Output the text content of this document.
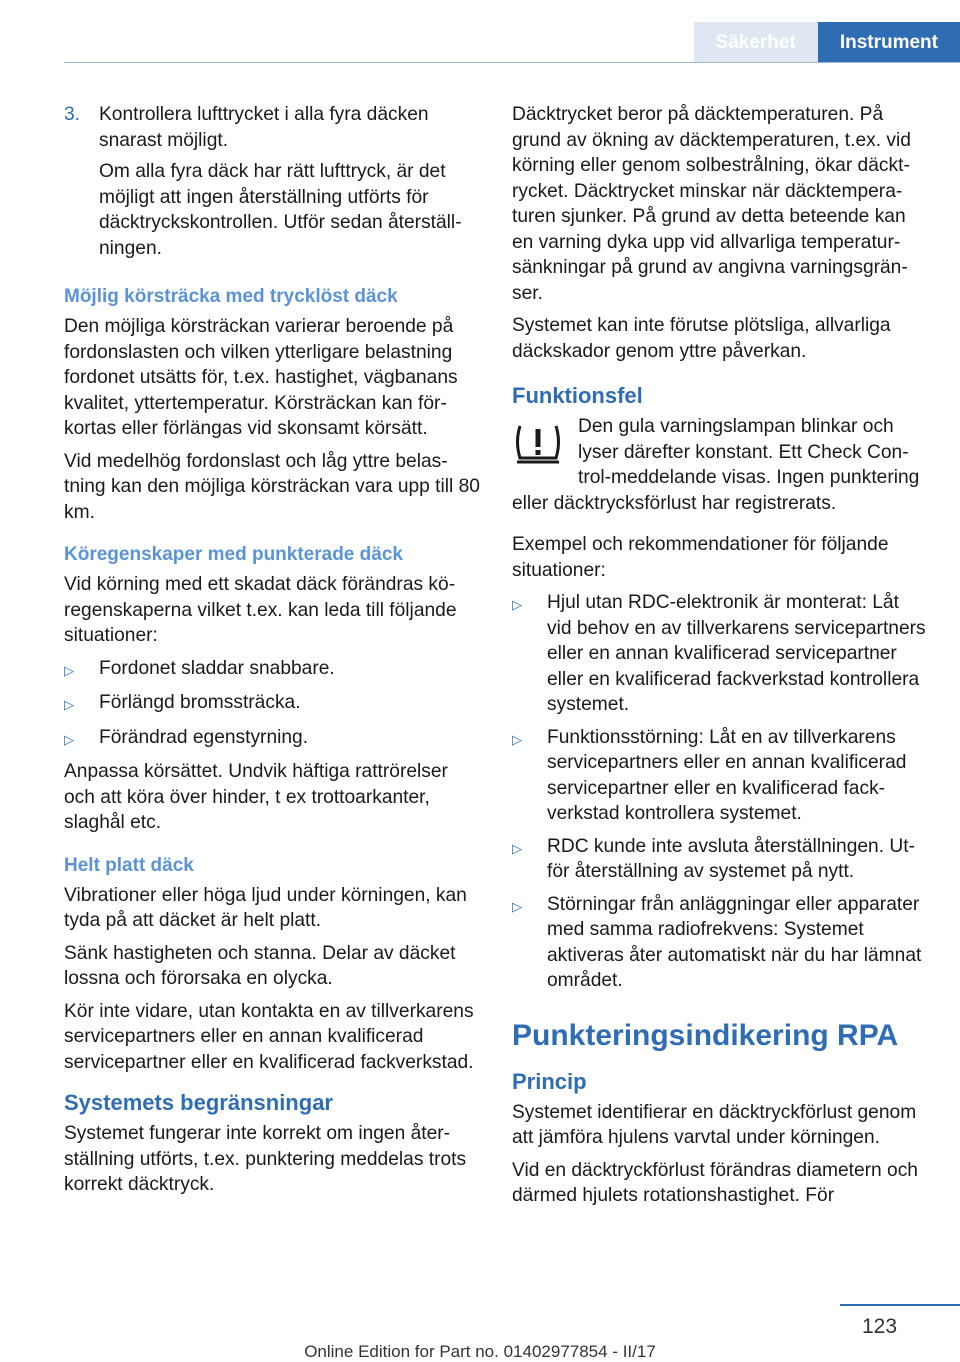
Säkerhet	Instrument
3. Kontrollera lufttrycket i alla fyra däcken snarast möjligt.

Om alla fyra däck har rätt lufttryck, är det möjligt att ingen återställning utförts för däcktryckskontrollen. Utför sedan återställningen.

Möjlig körsträcka med trycklöst däck

Den möjliga körsträckan varierar beroende på fordonslasten och vilken ytterligare belastning fordonet utsätts för, t.ex. hastighet, vägbanans kvalitet, yttertemperatur. Körsträckan kan förkortas eller förlängas vid skonsamt körsätt.

Vid medelhög fordonslast och låg yttre belastning kan den möjliga körsträckan vara upp till 80 km.

Köregenskaper med punkterade däck

Vid körning med ett skadat däck förändras köregenskaperna vilket t.ex. kan leda till följande situationer:

▷	Fordonet sladdar snabbare.
▷	Förlängd bromssträcka.
▷	Förändrad egenstyrning.

Anpassa körsättet. Undvik häftiga rattrörelser och att köra över hinder, t ex trottoarkanter, slaghål etc.

Helt platt däck

Vibrationer eller höga ljud under körningen, kan tyda på att däcket är helt platt.

Sänk hastigheten och stanna. Delar av däcket lossna och förorsaka en olycka.

Kör inte vidare, utan kontakta en av tillverkarens servicepartners eller en annan kvalificerad servicepartner eller en kvalificerad fackverkstad.

Systemets begränsningar

Systemet fungerar inte korrekt om ingen återställning utförts, t.ex. punktering meddelas trots korrekt däcktryck.

Däcktrycket beror på däcktemperaturen. På grund av ökning av däcktemperaturen, t.ex. vid körning eller genom solbestrålning, ökar däcktrycket. Däcktrycket minskar när däcktemperaturen sjunker. På grund av detta beteende kan en varning dyka upp vid allvarliga temperatursänkningar på grund av angivna varningsgränser.

Systemet kan inte förutse plötsliga, allvarliga däckskador genom yttre påverkan.

Funktionsfel

Den gula varningslampan blinkar och lyser därefter konstant. Ett Check Control-meddelande visas. Ingen punktering eller däcktrycksförlust har registrerats.

Exempel och rekommendationer för följande situationer:

▷	Hjul utan RDC-elektronik är monterat: Låt vid behov en av tillverkarens servicepartners eller en annan kvalificerad servicepartner eller en kvalificerad fackverkstad kontrollera systemet.
▷	Funktionsstörning: Låt en av tillverkarens servicepartners eller en annan kvalificerad servicepartner eller en kvalificerad fackverkstad kontrollera systemet.
▷	RDC kunde inte avsluta återställningen. Utför återställning av systemet på nytt.
▷	Störningar från anläggningar eller apparater med samma radiofrekvens: Systemet aktiveras åter automatiskt när du har lämnat området.
Punkteringsindikering RPA
Princip

Systemet identifierar en däcktryckförlust genom att jämföra hjulens varvtal under körningen.

Vid en däcktryckförlust förändras diametern och därmed hjulets rotationshastighet. För

123
Online Edition for Part no. 01402977854 - II/17
